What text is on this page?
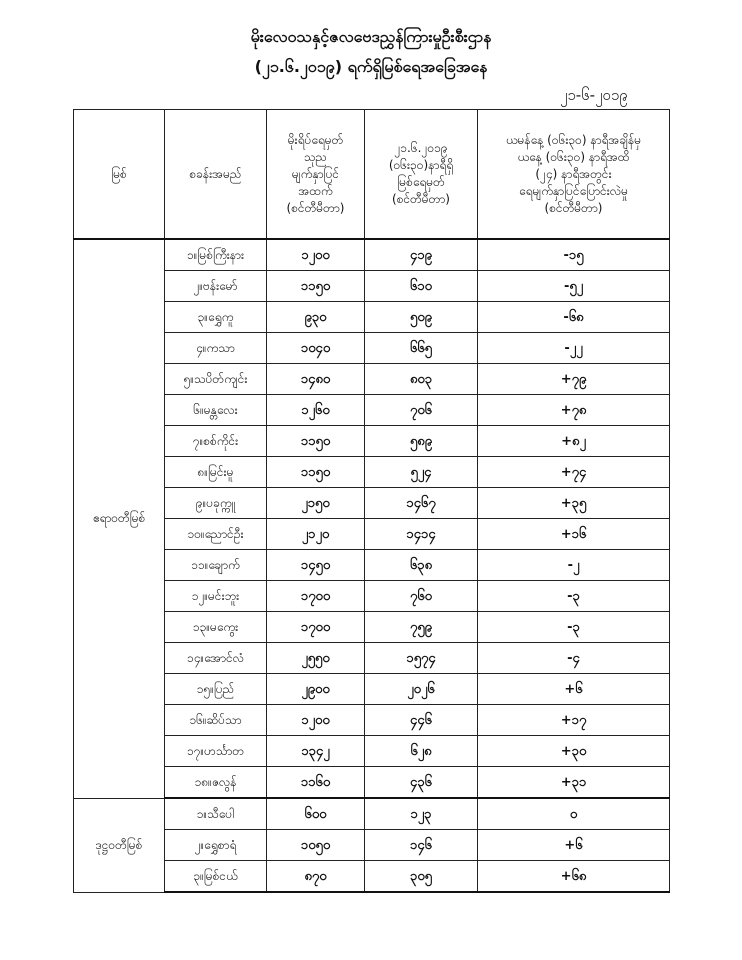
မိုးလေဝသနှင့်ဇလဗေဒညွှန်ကြားမှုဦးစီးဌာန
(၂၁.၆.၂၀၁၉) ရက်ရှိမြစ်ရေအခြေအနေ
၂၁-၆-၂၀၁၉
မြစ်	စခန်းအမည်	မိုးရိပ်ရေမှတ်
သုည
မျက်နှာပြင်
အထက်
(စင်တီမီတာ)	၂၁.၆.၂၀၁၉
(၀၆း၃၀)နာရီရှိ
မြစ်ရေမှတ်
(စင်တီမီတာ)	ယမန်နေ့ (၀၆း၃၀) နာရီအချိန်မှ
ယနေ့ (၀၆း၃၀) နာရီအထိ
(၂၄) နာရီအတွင်း
ရေမျက်နှာပြင်ပြောင်းလဲမှု
(စင်တီမီတာ)

ဧရာဝတီမြစ်	၁။မြစ်ကြီးနား	၁၂၀၀	၄၁၉	-၁၅
	၂။ဗန်းမော်	၁၁၅၀	၆၁၀	-၅၂
	၃။ရွှေကူ	၉၃၀	၅၀၉	-၆၈
	၄။ကသာ	၁၀၄၀	၆၆၅	-၂၂
	၅။သပိတ်ကျင်း	၁၄၈၀	၈၀၃	+၇၉
	၆။မန္တလေး	၁၂၆၀	၇၀၆	+၇၈
	၇။စစ်ကိုင်း	၁၁၅၀	၅၈၉	+၈၂
	၈။မြင်းမူ	၁၁၅၀	၅၂၄	+၇၄
	၉။ပခုက္ကူ	၂၁၅၀	၁၄၆၇	+၃၅
	၁၀။ညောင်ဦး	၂၁၂၀	၁၄၁၄	+၁၆
	၁၁။ချောက်	၁၄၅၀	၆၃၈	-၂
	၁၂။မင်းဘူး	၁၇၀၀	၇၆၀	-၃
	၁၃။မကွေး	၁၇၀၀	၇၅၉	-၃
	၁၄။အောင်လံ	၂၅၅၀	၁၅၇၄	-၄
	၁၅။ပြည်	၂၉၀၀	၂၀၂၆	+၆
	၁၆။ဆိပ်သာ	၁၂၀၀	၄၄၆	+၁၇
	၁၇။ဟင်္သာတ	၁၃၄၂	၆၂၈	+၃၀
	၁၈။ဇလွန်	၁၁၆၀	၄၃၆	+၃၁
ဒုဋ္ဌဝတီမြစ်	၁။သီပေါ	၆၀၀	၁၂၃	၀
	၂။ရွှေစာရံ	၁၀၅၀	၁၄၆	+၆
	၃။မြစ်ငယ်	၈၇၀	၃၀၅	+၆၈
